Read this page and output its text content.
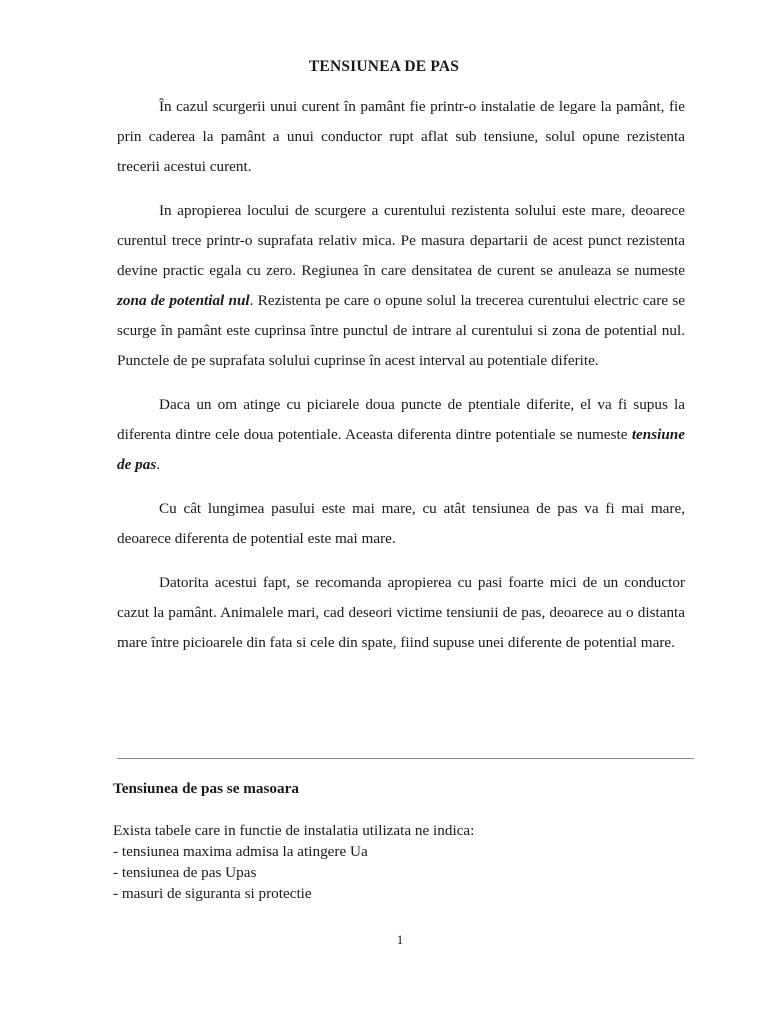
TENSIUNEA DE PAS

În cazul scurgerii unui curent în pamânt fie printr-o instalatie de legare la pamânt, fie prin caderea la pamânt a unui conductor rupt aflat sub tensiune, solul opune rezistenta trecerii acestui curent.

In apropierea locului de scurgere a curentului rezistenta solului este mare, deoarece curentul trece printr-o suprafata relativ mica. Pe masura departarii de acest punct rezistenta devine practic egala cu zero. Regiunea în care densitatea de curent se anuleaza se numeste zona de potential nul. Rezistenta pe care o opune solul la trecerea curentului electric care se scurge în pamânt este cuprinsa între punctul de intrare al curentului si zona de potential nul. Punctele de pe suprafata solului cuprinse în acest interval au potentiale diferite.

Daca un om atinge cu piciarele doua puncte de ptentiale diferite, el va fi supus la diferenta dintre cele doua potentiale. Aceasta diferenta dintre potentiale se numeste tensiune de pas.

Cu cât lungimea pasului este mai mare, cu atât tensiunea de pas va fi mai mare, deoarece diferenta de potential este mai mare.

Datorita acestui fapt, se recomanda apropierea cu pasi foarte mici de un conductor cazut la pamânt. Animalele mari, cad deseori victime tensiunii de pas, deoarece au o distanta mare între picioarele din fata si cele din spate, fiind supuse unei diferente de potential mare.

Tensiunea de pas se masoara
Exista tabele care in functie de instalatia utilizata ne indica:
- tensiunea maxima admisa la atingere Ua
- tensiunea de pas Upas
- masuri de siguranta si protectie
1
